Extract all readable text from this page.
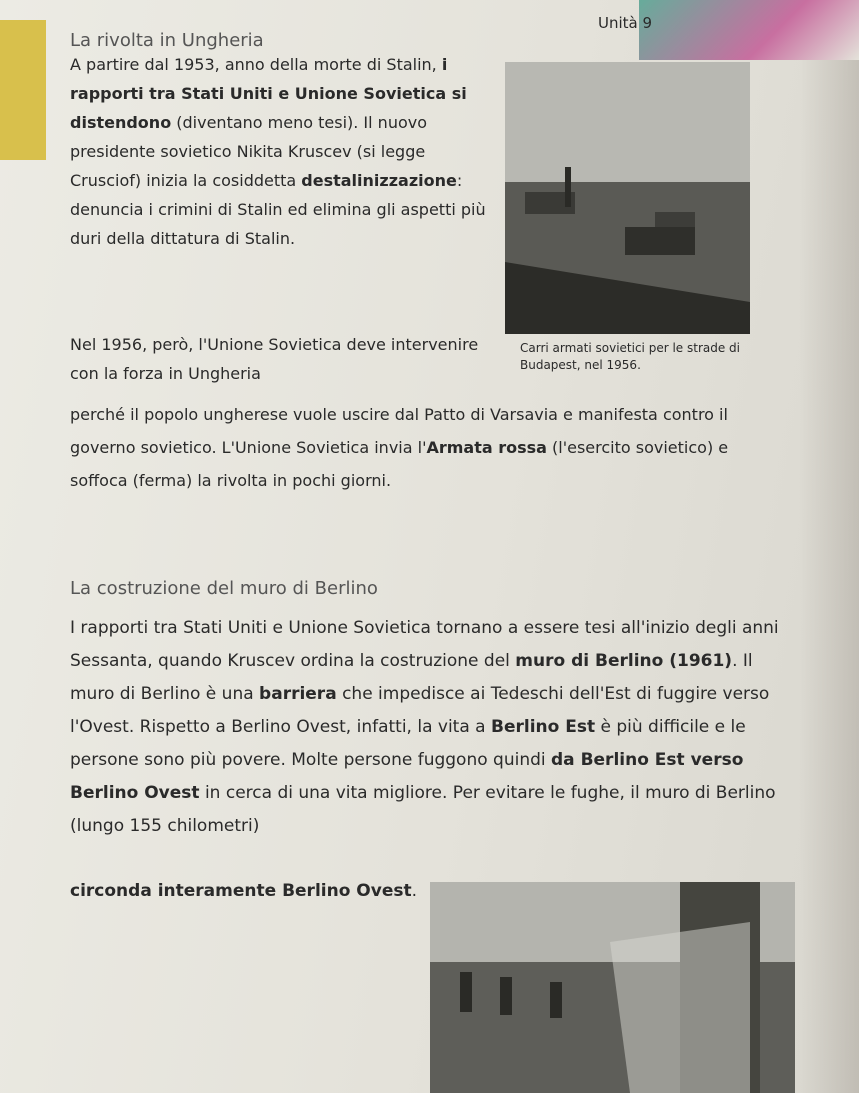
Unità 9
La rivolta in Ungheria
A partire dal 1953, anno della morte di Stalin, i rapporti tra Stati Uniti e Unione Sovietica si distendono (diventano meno tesi). Il nuovo presidente sovietico Nikita Kruscev (si legge Crusciof) inizia la cosiddetta destalinizzazione: denuncia i crimini di Stalin ed elimina gli aspetti più duri della dittatura di Stalin.
Carri armati sovietici per le strade di Budapest, nel 1956.
Nel 1956, però, l'Unione Sovietica deve intervenire con la forza in Ungheria
perché il popolo ungherese vuole uscire dal Patto di Varsavia e manifesta contro il governo sovietico. L'Unione Sovietica invia l'Armata rossa (l'esercito sovietico) e soffoca (ferma) la rivolta in pochi giorni.
La costruzione del muro di Berlino
I rapporti tra Stati Uniti e Unione Sovietica tornano a essere tesi all'inizio degli anni Sessanta, quando Kruscev ordina la costruzione del muro di Berlino (1961). Il muro di Berlino è una barriera che impedisce ai Tedeschi dell'Est di fuggire verso l'Ovest. Rispetto a Berlino Ovest, infatti, la vita a Berlino Est è più difficile e le persone sono più povere. Molte persone fuggono quindi da Berlino Est verso Berlino Ovest in cerca di una vita migliore. Per evitare le fughe, il muro di Berlino (lungo 155 chilometri)
circonda interamente Berlino Ovest.
